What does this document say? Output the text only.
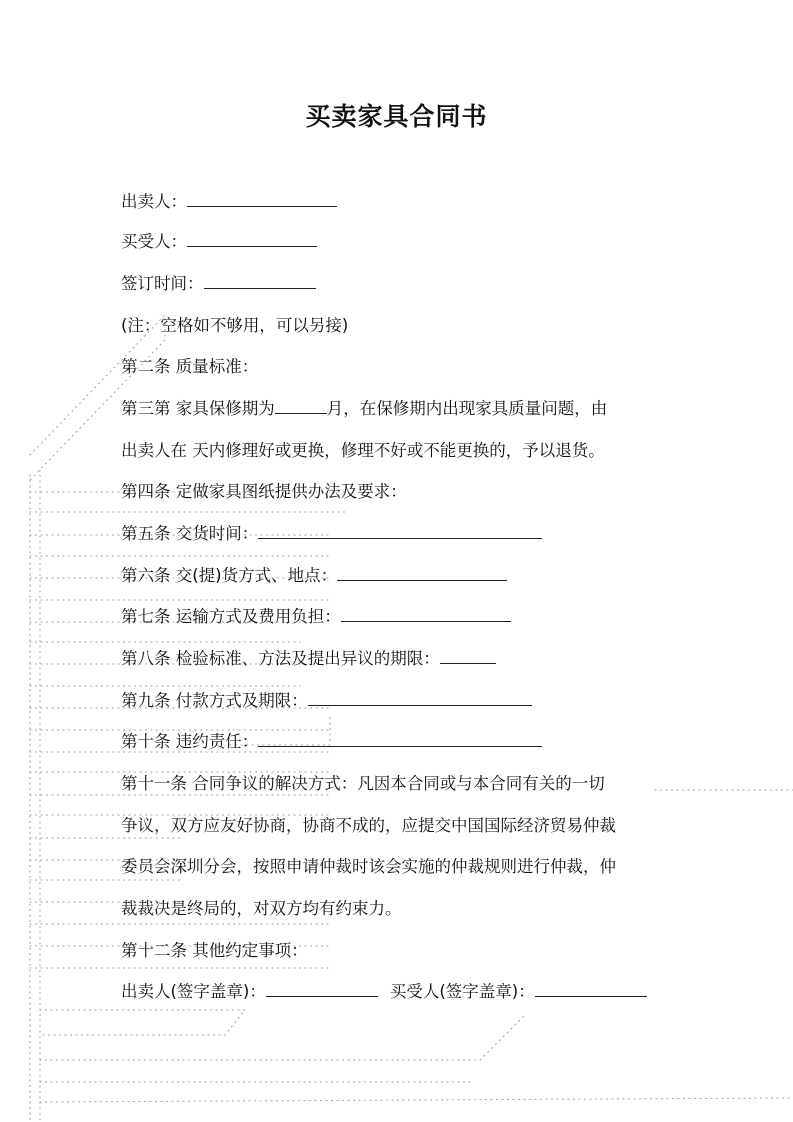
买卖家具合同书
出卖人：
买受人：
签订时间：
(注：空格如不够用，可以另接)
第二条 质量标准：
第三第 家具保修期为	月，在保修期内出现家具质量问题，由
出卖人在 天内修理好或更换，修理不好或不能更换的，予以退货。
第四条 定做家具图纸提供办法及要求：
第五条 交货时间：
第六条 交(提)货方式、地点：
第七条 运输方式及费用负担：
第八条 检验标准、方法及提出异议的期限：
第九条 付款方式及期限：
第十条 违约责任：
第十一条 合同争议的解决方式：凡因本合同或与本合同有关的一切
争议，双方应友好协商，协商不成的，应提交中国国际经济贸易仲裁
委员会深圳分会，按照申请仲裁时该会实施的仲裁规则进行仲裁，仲
裁裁决是终局的，对双方均有约束力。
第十二条 其他约定事项：
出卖人(签字盖章)：	买受人(签字盖章)：
